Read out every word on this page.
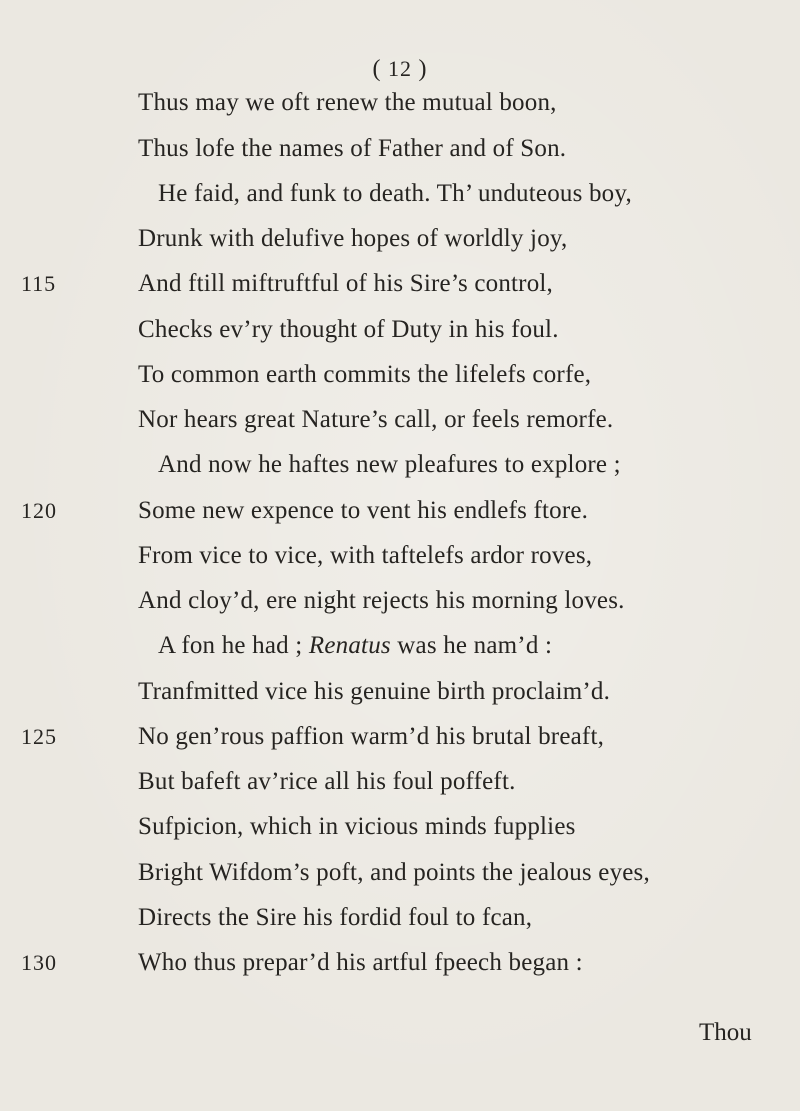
( 12 )
Thus may we oft renew the mutual boon,
Thus lofe the names of Father and of Son.
He faid, and funk to death. Th’ unduteous boy,
Drunk with delufive hopes of worldly joy,
And ftill miftruftful of his Sire’s control,
Checks ev’ry thought of Duty in his foul.
To common earth commits the lifelefs corfe,
Nor hears great Nature’s call, or feels remorfe.
And now he haftes new pleafures to explore ;
Some new expence to vent his endlefs ftore.
From vice to vice, with taftelefs ardor roves,
And cloy’d, ere night rejects his morning loves.
A fon he had ; Renatus was he nam’d :
Tranfmitted vice his genuine birth proclaim’d.
No gen’rous paffion warm’d his brutal breaft,
But bafeft av’rice all his foul poffeft.
Sufpicion, which in vicious minds fupplies
Bright Wifdom’s poft, and points the jealous eyes,
Directs the Sire his fordid foul to fcan,
Who thus prepar’d his artful fpeech began :
115
120
125
130
Thou
